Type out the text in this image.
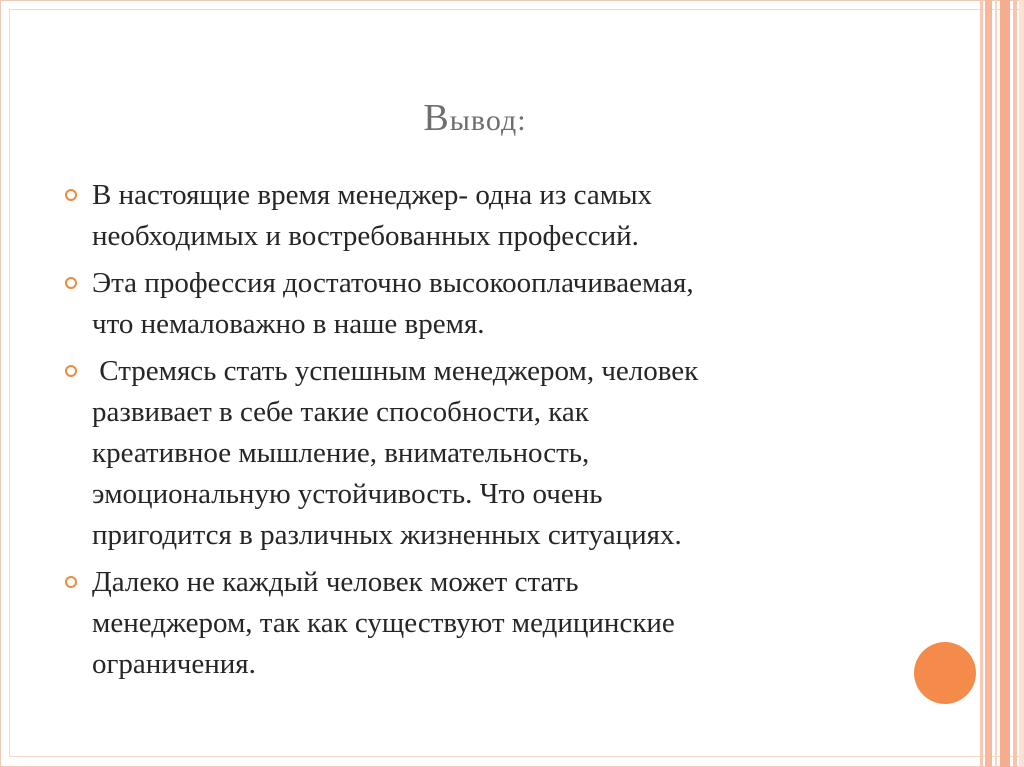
Вывод:
В настоящие время менеджер- одна из самых
необходимых и востребованных профессий.
Эта профессия достаточно высокооплачиваемая,
что немаловажно в наше время.
Стремясь стать успешным менеджером, человек
развивает в себе такие способности, как
креативное мышление, внимательность,
эмоциональную устойчивость. Что очень
пригодится в различных жизненных ситуациях.
Далеко не каждый человек может стать
менеджером, так как существуют медицинские
ограничения.
